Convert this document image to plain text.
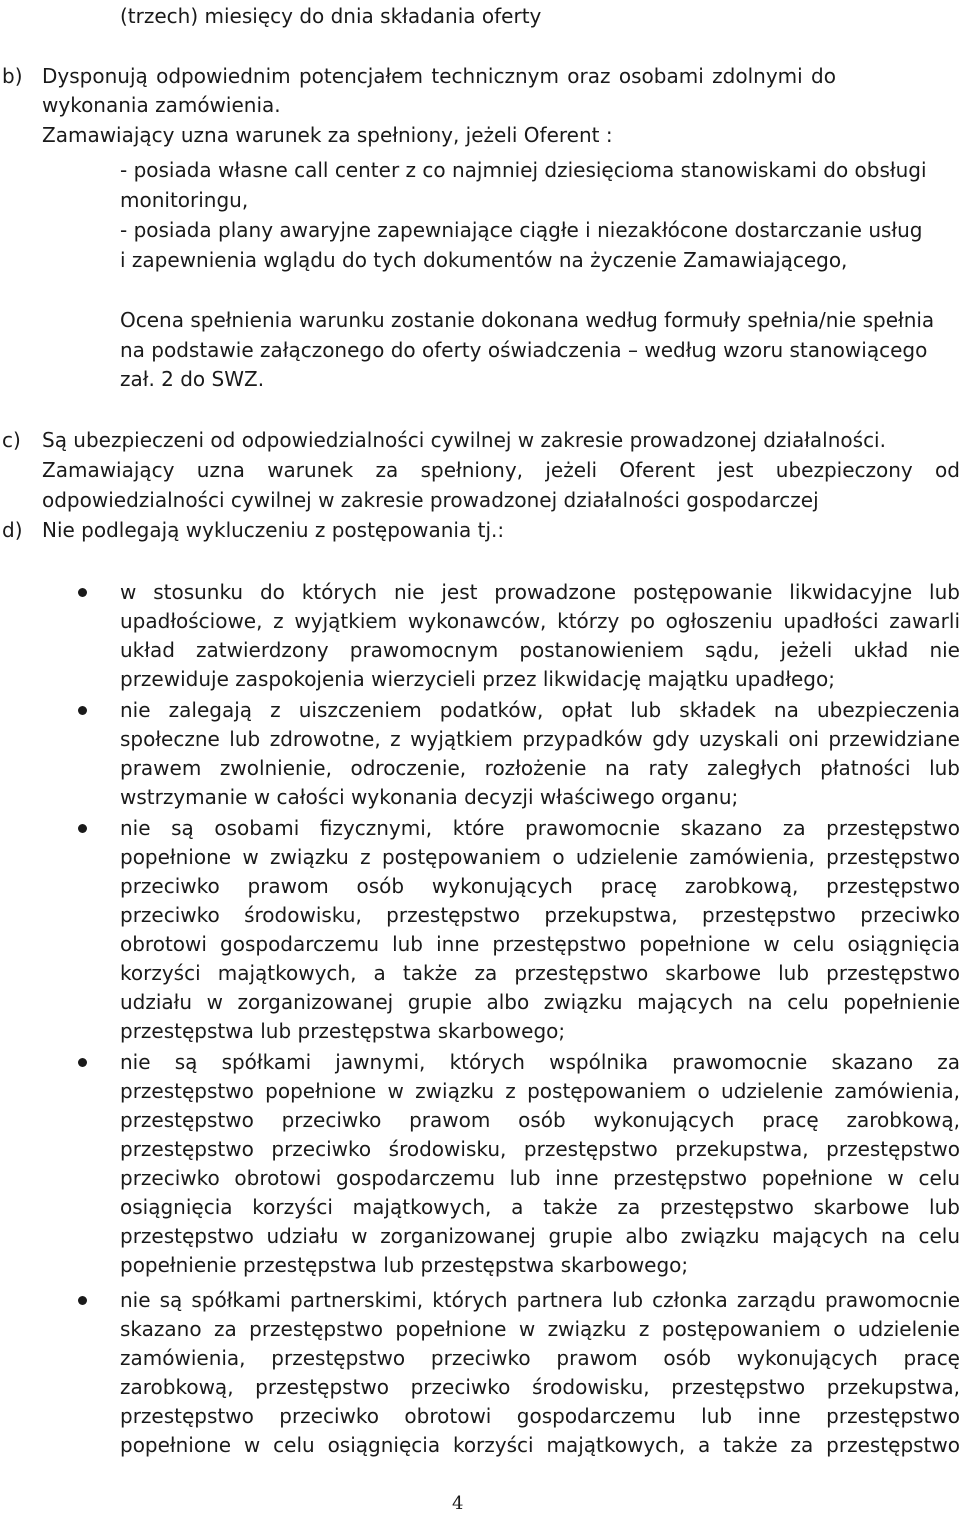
(trzech) miesięcy do dnia składania oferty
b) Dysponują odpowiednim potencjałem technicznym oraz osobami zdolnymi do
wykonania zamówienia.
Zamawiający uzna warunek za spełniony, jeżeli Oferent :
- posiada własne call center z co najmniej dziesięcioma stanowiskami do obsługi
monitoringu,
- posiada plany awaryjne zapewniające ciągłe i niezakłócone dostarczanie usług
i zapewnienia wglądu do tych dokumentów na życzenie Zamawiającego,
Ocena spełnienia warunku zostanie dokonana według formuły spełnia/nie spełnia
na podstawie załączonego do oferty oświadczenia – według wzoru stanowiącego
zał. 2 do SWZ.
c) Są ubezpieczeni od odpowiedzialności cywilnej w zakresie prowadzonej działalności.
Zamawiający uzna warunek za spełniony, jeżeli Oferent jest ubezpieczony od
odpowiedzialności cywilnej w zakresie prowadzonej działalności gospodarczej
d) Nie podlegają wykluczeniu z postępowania tj.:
w stosunku do których nie jest prowadzone postępowanie likwidacyjne lub
upadłościowe, z wyjątkiem wykonawców, którzy po ogłoszeniu upadłości zawarli
układ zatwierdzony prawomocnym postanowieniem sądu, jeżeli układ nie
przewiduje zaspokojenia wierzycieli przez likwidację majątku upadłego;
nie zalegają z uiszczeniem podatków, opłat lub składek na ubezpieczenia
społeczne lub zdrowotne, z wyjątkiem przypadków gdy uzyskali oni przewidziane
prawem zwolnienie, odroczenie, rozłożenie na raty zaległych płatności lub
wstrzymanie w całości wykonania decyzji właściwego organu;
nie są osobami fizycznymi, które prawomocnie skazano za przestępstwo
popełnione w związku z postępowaniem o udzielenie zamówienia, przestępstwo
przeciwko prawom osób wykonujących pracę zarobkową, przestępstwo
przeciwko środowisku, przestępstwo przekupstwa, przestępstwo przeciwko
obrotowi gospodarczemu lub inne przestępstwo popełnione w celu osiągnięcia
korzyści majątkowych, a także za przestępstwo skarbowe lub przestępstwo
udziału w zorganizowanej grupie albo związku mających na celu popełnienie
przestępstwa lub przestępstwa skarbowego;
nie są spółkami jawnymi, których wspólnika prawomocnie skazano za
przestępstwo popełnione w związku z postępowaniem o udzielenie zamówienia,
przestępstwo przeciwko prawom osób wykonujących pracę zarobkową,
przestępstwo przeciwko środowisku, przestępstwo przekupstwa, przestępstwo
przeciwko obrotowi gospodarczemu lub inne przestępstwo popełnione w celu
osiągnięcia korzyści majątkowych, a także za przestępstwo skarbowe lub
przestępstwo udziału w zorganizowanej grupie albo związku mających na celu
popełnienie przestępstwa lub przestępstwa skarbowego;
nie są spółkami partnerskimi, których partnera lub członka zarządu prawomocnie
skazano za przestępstwo popełnione w związku z postępowaniem o udzielenie
zamówienia, przestępstwo przeciwko prawom osób wykonujących pracę
zarobkową, przestępstwo przeciwko środowisku, przestępstwo przekupstwa,
przestępstwo przeciwko obrotowi gospodarczemu lub inne przestępstwo
popełnione w celu osiągnięcia korzyści majątkowych, a także za przestępstwo
4
